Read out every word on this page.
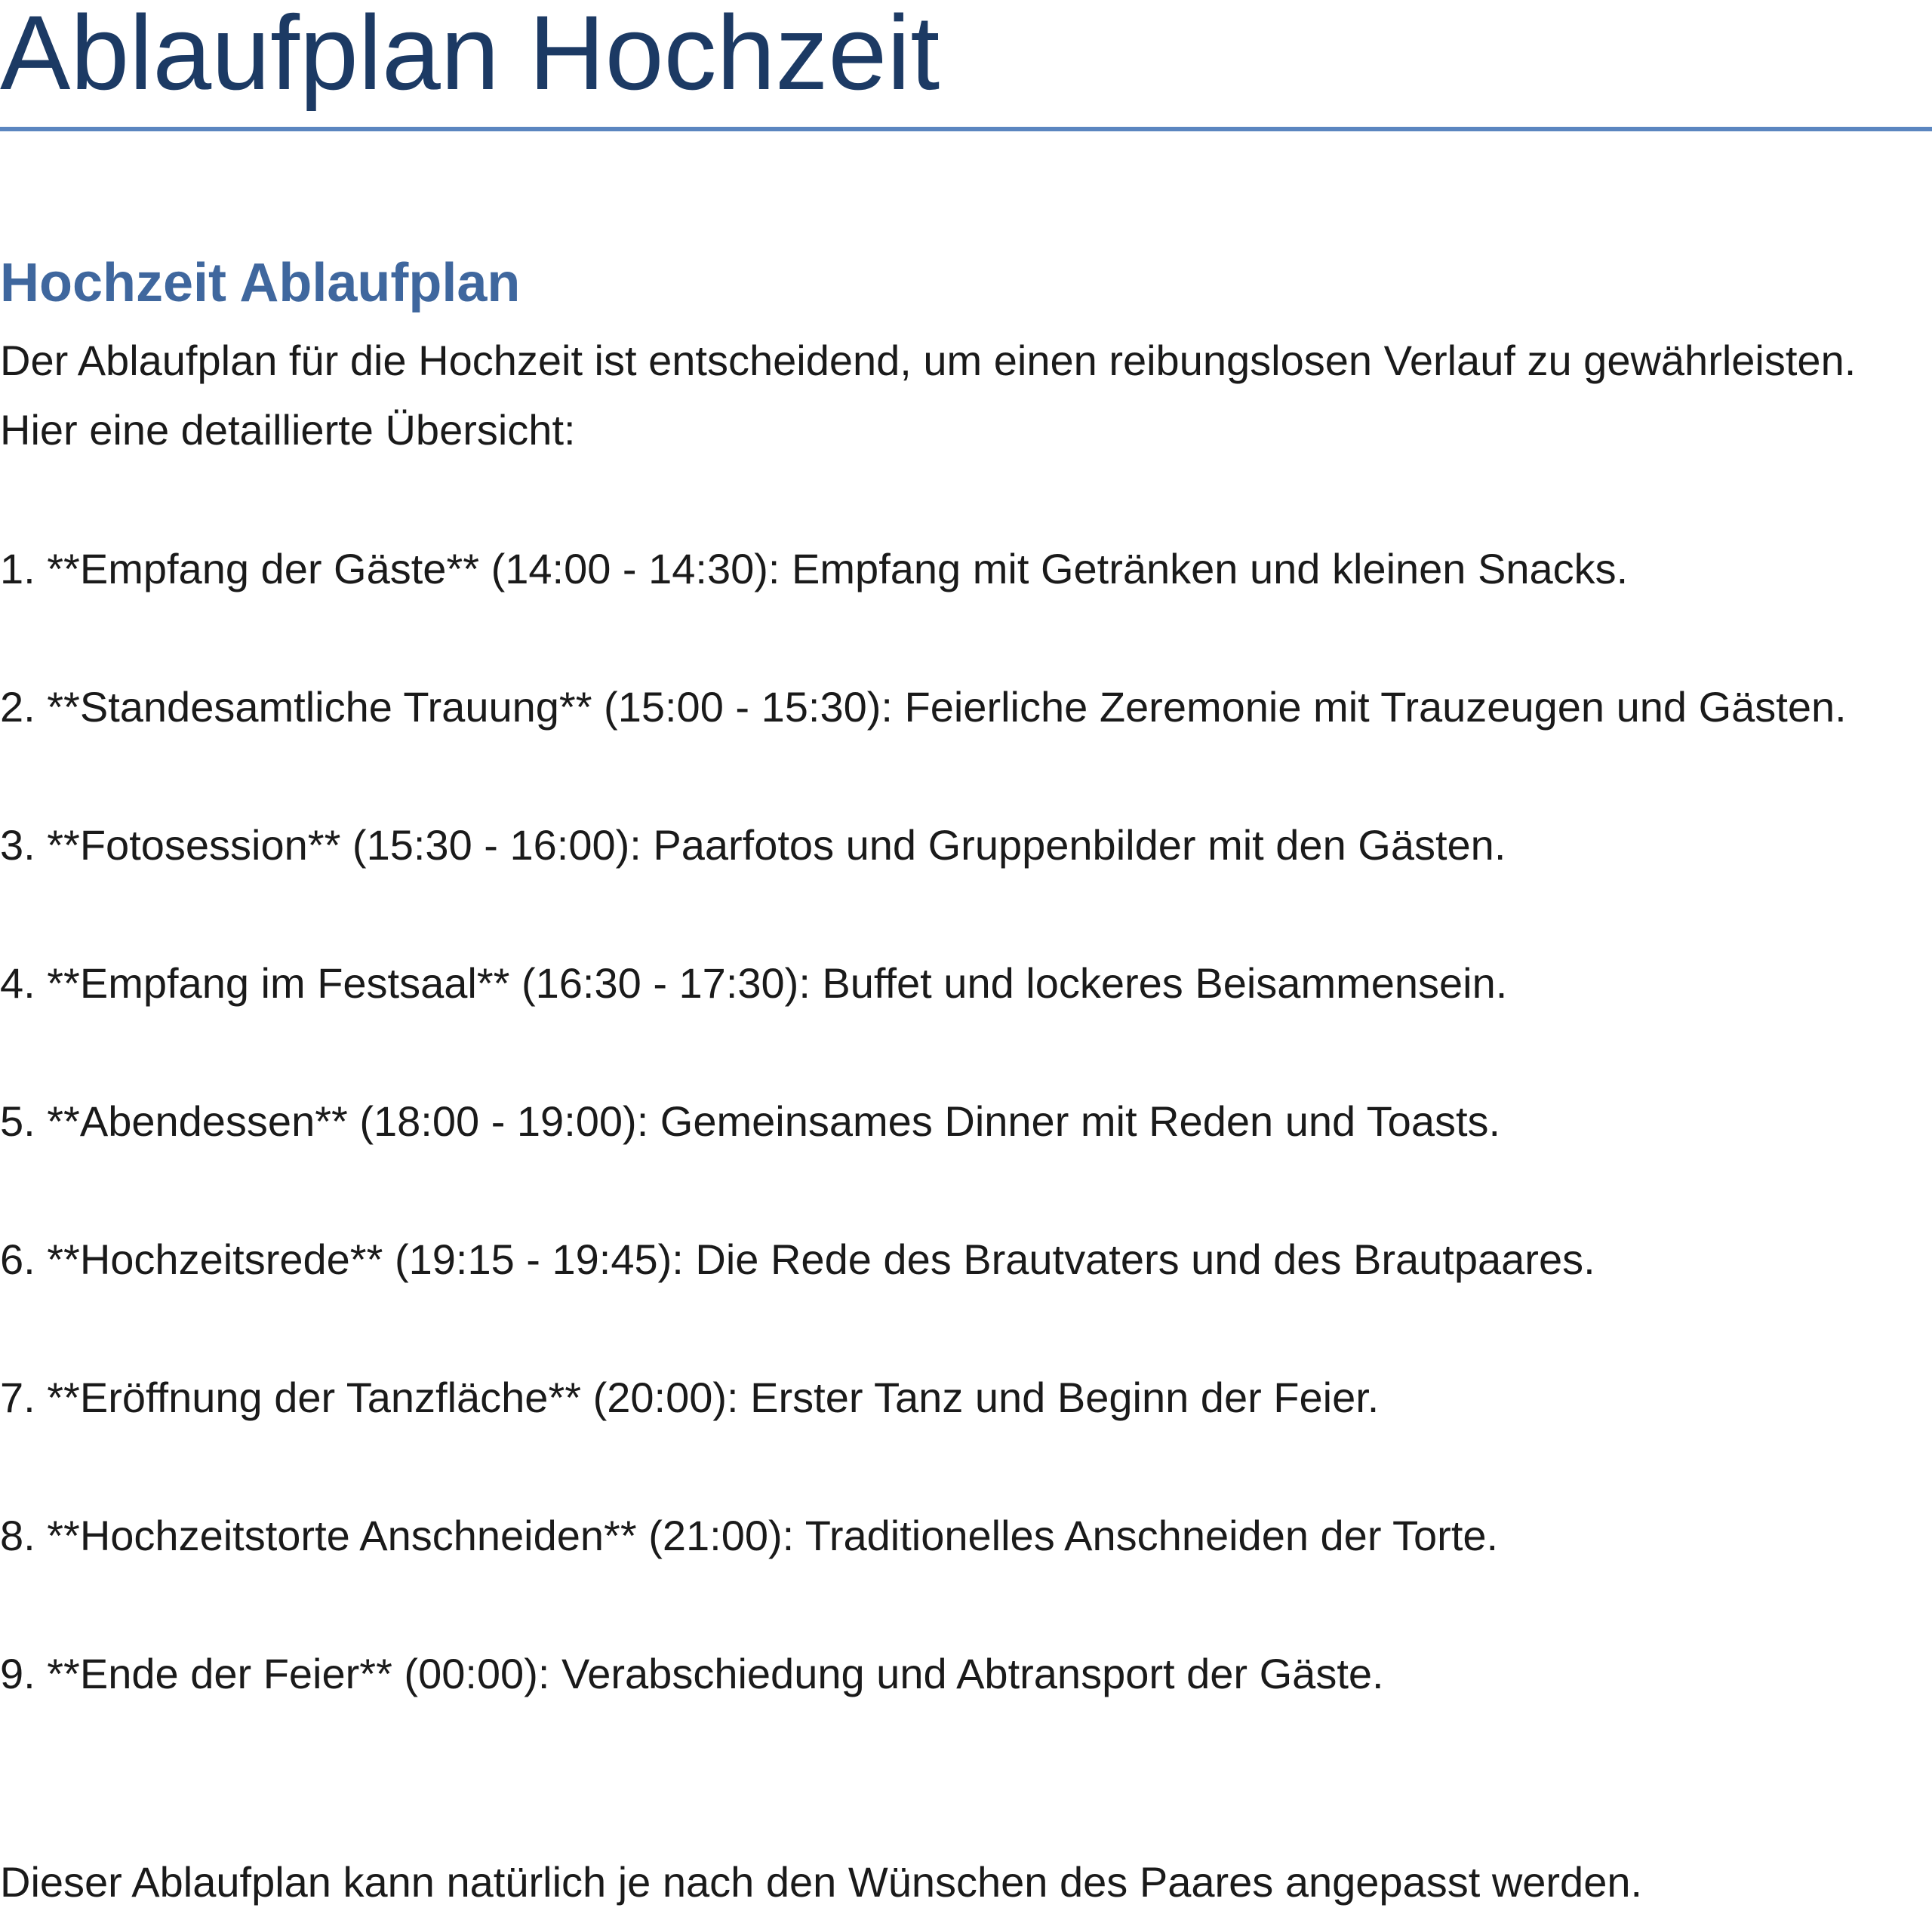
Ablaufplan Hochzeit
Hochzeit Ablaufplan

Der Ablaufplan für die Hochzeit ist entscheidend, um einen reibungslosen Verlauf zu gewährleisten. Hier eine detaillierte Übersicht:

1. **Empfang der Gäste** (14:00 - 14:30): Empfang mit Getränken und kleinen Snacks.
2. **Standesamtliche Trauung** (15:00 - 15:30): Feierliche Zeremonie mit Trauzeugen und Gästen.
3. **Fotosession** (15:30 - 16:00): Paarfotos und Gruppenbilder mit den Gästen.
4. **Empfang im Festsaal** (16:30 - 17:30): Buffet und lockeres Beisammensein.
5. **Abendessen** (18:00 - 19:00): Gemeinsames Dinner mit Reden und Toasts.
6. **Hochzeitsrede** (19:15 - 19:45): Die Rede des Brautvaters und des Brautpaares.
7. **Eröffnung der Tanzfläche** (20:00): Erster Tanz und Beginn der Feier.
8. **Hochzeitstorte Anschneiden** (21:00): Traditionelles Anschneiden der Torte.
9. **Ende der Feier** (00:00): Verabschiedung und Abtransport der Gäste.

Dieser Ablaufplan kann natürlich je nach den Wünschen des Paares angepasst werden.
